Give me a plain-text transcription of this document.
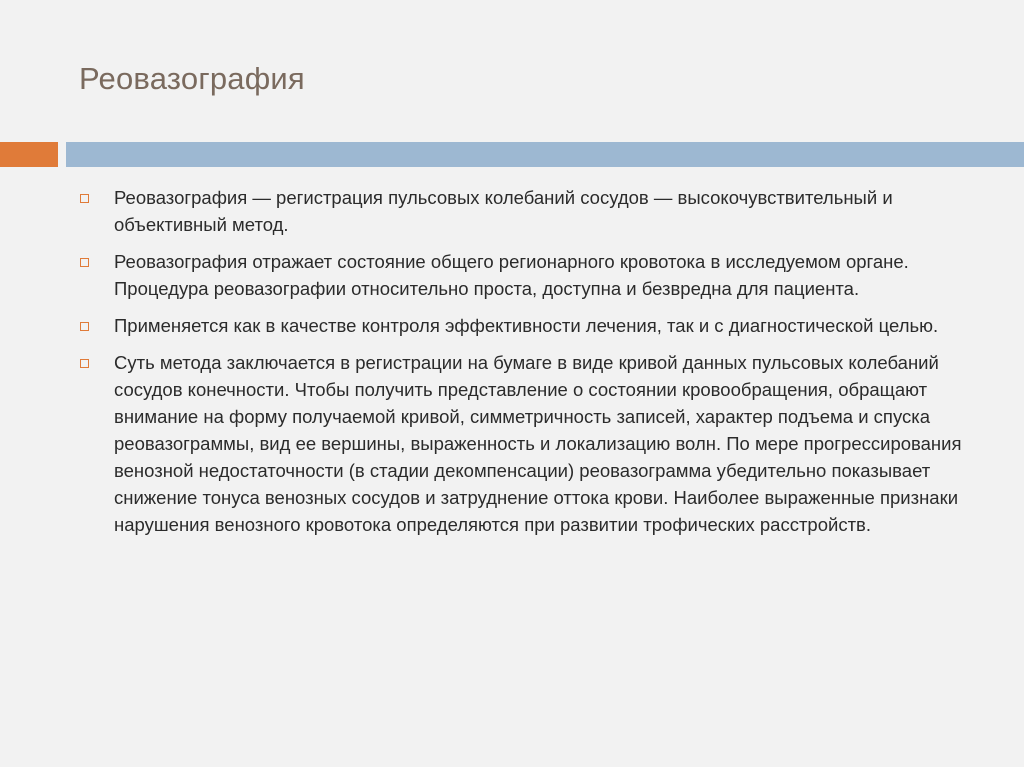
Реовазография
Реовазография — регистрация пульсовых колебаний сосудов — высокочувствительный и объективный метод.
Реовазография отражает состояние общего регионарного кровотока в исследуемом органе. Процедура реовазографии относительно проста, доступна и безвредна для пациента.
Применяется как в качестве контроля эффективности лечения, так и с диагностической целью.
Суть метода заключается в регистрации на бумаге в виде кривой данных пульсовых колебаний сосудов конечности. Чтобы получить представление о состоянии кровообращения, обращают внимание на форму получаемой кривой, симметричность записей, характер подъема и спуска реовазограммы, вид ее вершины, выраженность и локализацию волн. По мере прогрессирования венозной недостаточности (в стадии декомпенсации) реовазограмма убедительно показывает снижение тонуса венозных сосудов и затруднение оттока крови. Наиболее выраженные признаки нарушения венозного кровотока определяются при развитии трофических расстройств.
